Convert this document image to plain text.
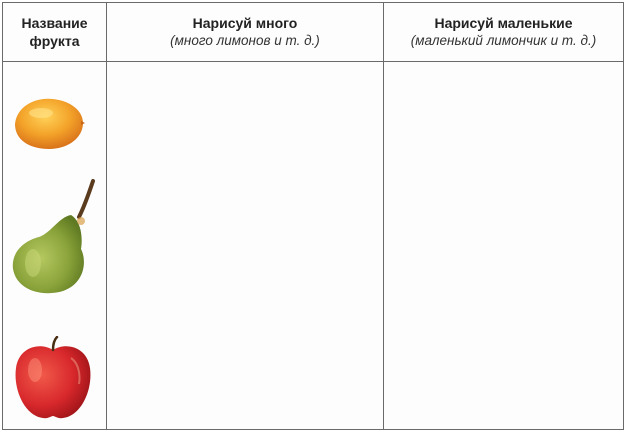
Название фрукта
Нарисуй много
(много лимонов и т. д.)
Нарисуй маленькие
(маленький лимончик и т. д.)
